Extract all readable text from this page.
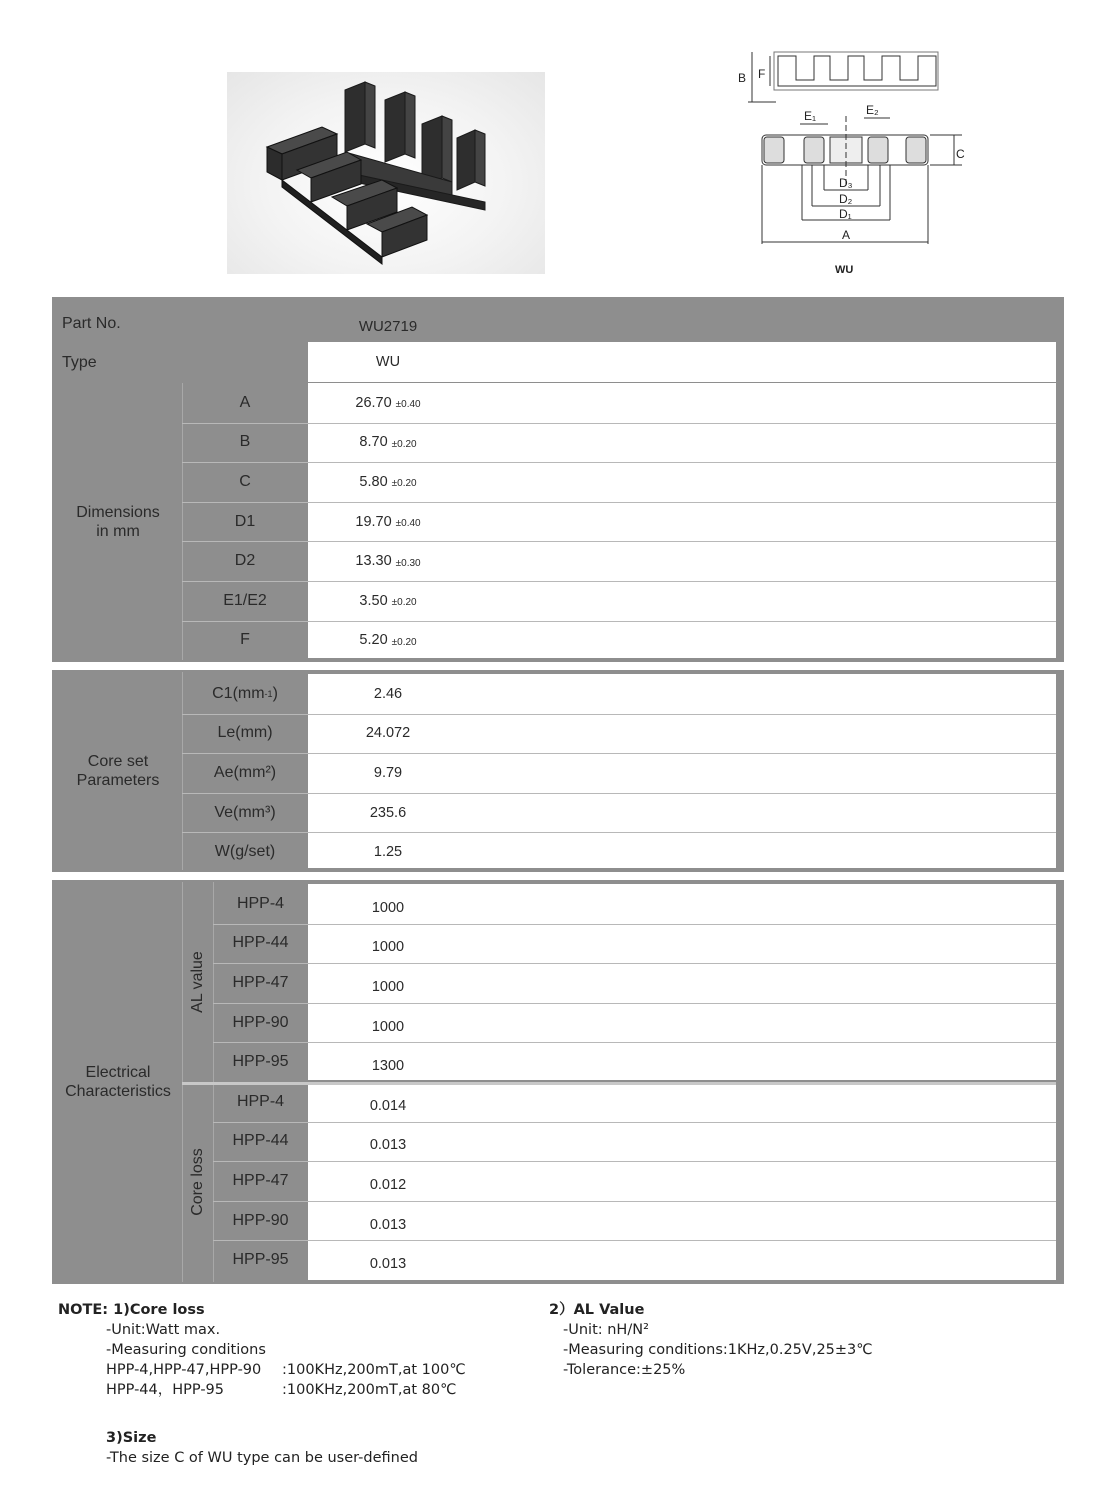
B F
E₁	E₂
C
D₃
D₂
D₁
A
WU
Part No.	WU2719
Type	WU
Dimensions
in mm
A	26.70 ±0.40
B	8.70 ±0.20
C	5.80 ±0.20
D1	19.70 ±0.40
D2	13.30 ±0.30
E1/E2	3.50 ±0.20
F	5.20 ±0.20
Core set
Parameters
C1(mm -1 )	2.46
Le(mm)	24.072
Ae(mm²)	9.79
Ve(mm³)	235.6
W(g/set)	1.25
Electrical
Characteristics
AL value
Core loss
HPP-4	1000
HPP-44	1000
HPP-47	1000
HPP-90	1000
HPP-95	1300
HPP-4	0.014
HPP-44	0.013
HPP-47	0.012
HPP-90	0.013
HPP-95	0.013
NOTE: 1)Core loss
-Unit:Watt max.
-Measuring conditions
HPP-4,HPP-47,HPP-90	:100KHz,200mT,at 100℃
HPP-44，HPP-95	:100KHz,200mT,at 80℃
3)Size
-The size C of WU type can be user-defined
2）AL Value
-Unit: nH/N²
-Measuring conditions:1KHz,0.25V,25±3℃
-Tolerance:±25%
